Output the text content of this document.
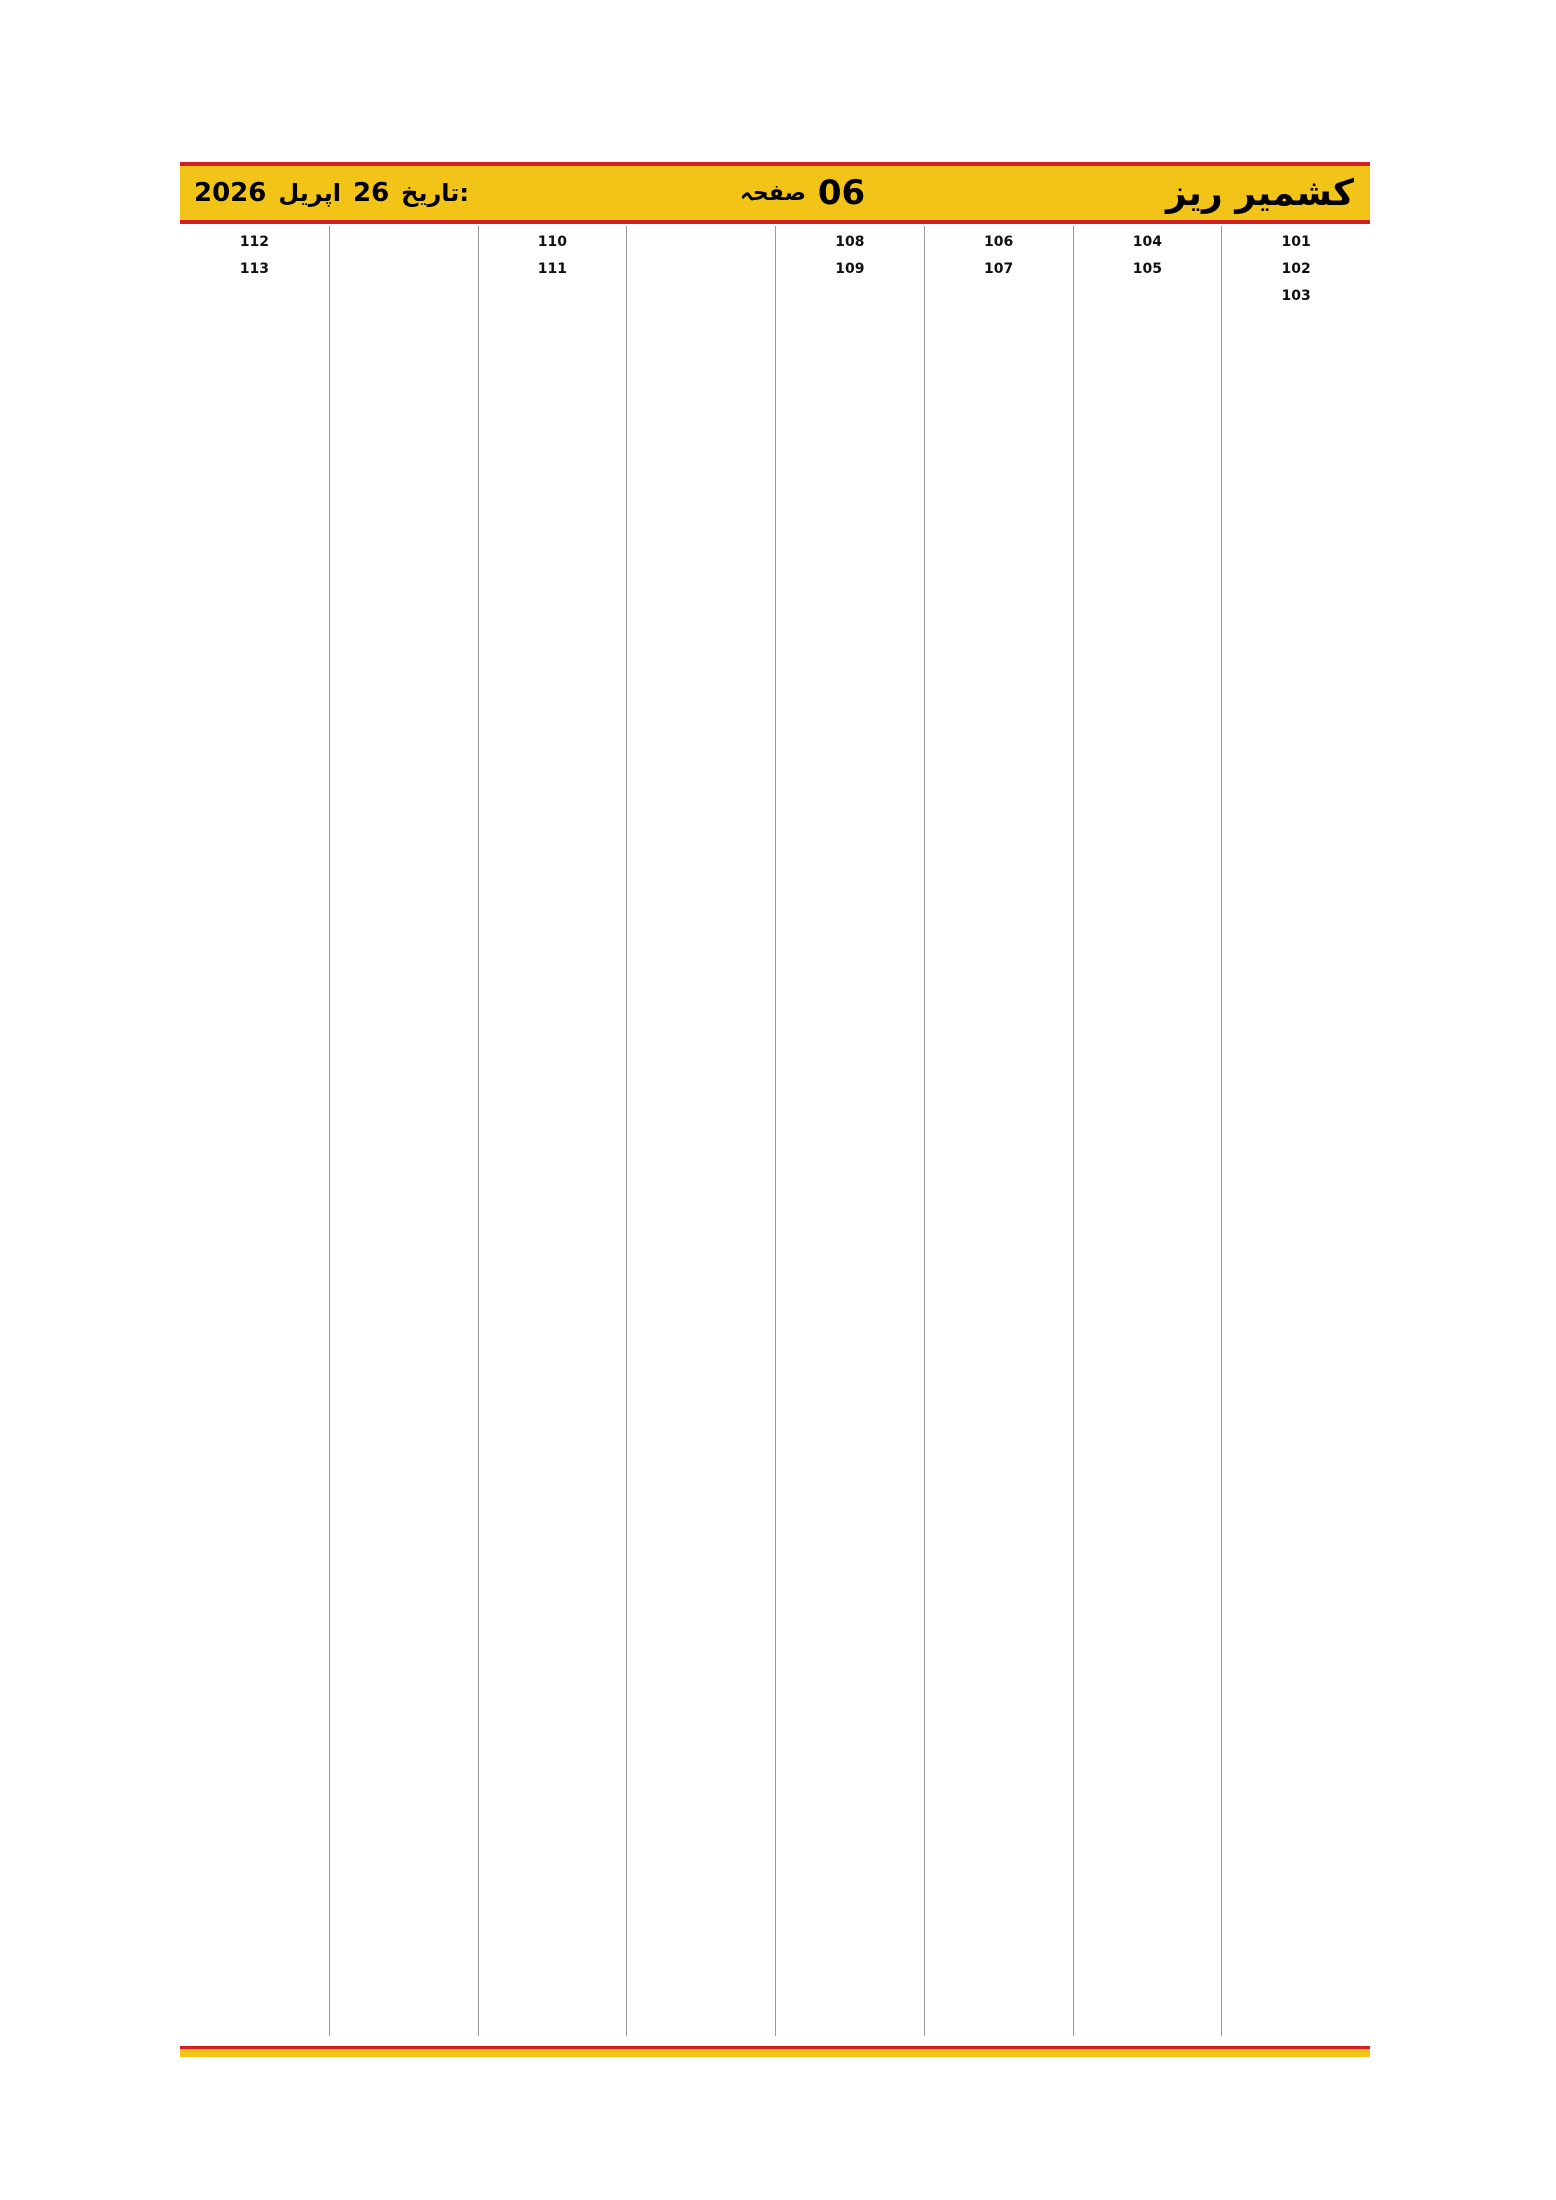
2026 اپریل 26 تاریخ:	صفحہ 06	کشمیر ریز
101
102
103
104
105
106
107
108
109
110
111
112
113
